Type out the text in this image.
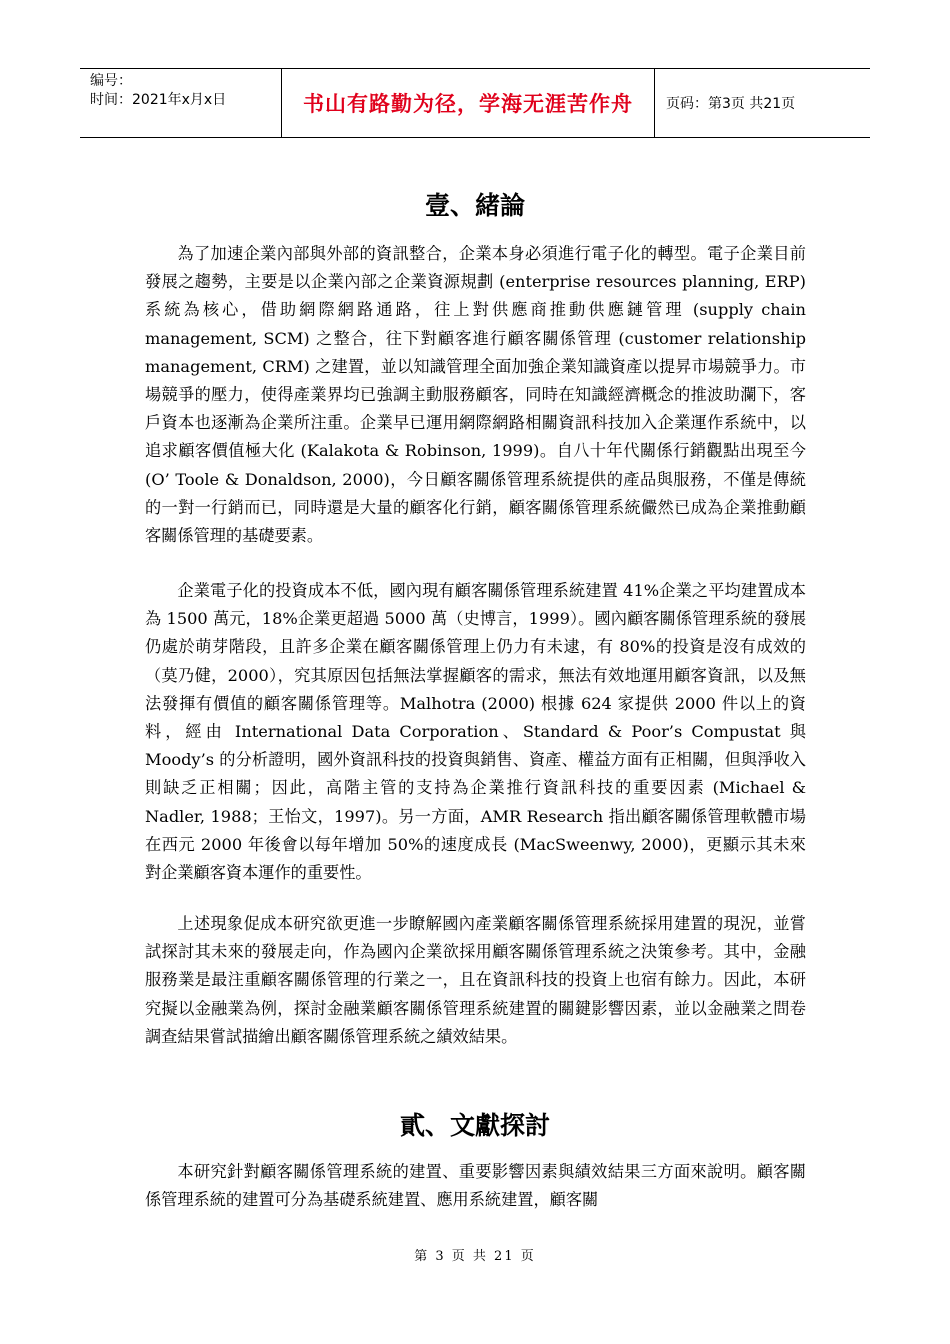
编号：
时间：2021年x月x日	书山有路勤为径，学海无涯苦作舟 页码：第3页 共21页
壹、緒論

為了加速企業內部與外部的資訊整合，企業本身必須進行電子化的轉型。電子企業目前發展之趨勢，主要是以企業內部之企業資源規劃 (enterprise resources planning, ERP) 系統為核心，借助網際網路通路，往上對供應商推動供應鏈管理 (supply chain management, SCM) 之整合，往下對顧客進行顧客關係管理 (customer relationship management, CRM) 之建置，並以知識管理全面加強企業知識資產以提昇市場競爭力。市場競爭的壓力，使得產業界均已強調主動服務顧客，同時在知識經濟概念的推波助瀾下，客戶資本也逐漸為企業所注重。企業早已運用網際網路相關資訊科技加入企業運作系統中，以追求顧客價值極大化 (Kalakota & Robinson, 1999)。自八十年代關係行銷觀點出現至今 (O’ Toole & Donaldson, 2000)，今日顧客關係管理系統提供的產品與服務，不僅是傳統的一對一行銷而已，同時還是大量的顧客化行銷，顧客關係管理系統儼然已成為企業推動顧客關係管理的基礎要素。

企業電子化的投資成本不低，國內現有顧客關係管理系統建置 41%企業之平均建置成本為 1500 萬元，18%企業更超過 5000 萬（史博言，1999）。國內顧客關係管理系統的發展仍處於萌芽階段，且許多企業在顧客關係管理上仍力有未逮，有 80%的投資是沒有成效的（莫乃健，2000），究其原因包括無法掌握顧客的需求，無法有效地運用顧客資訊，以及無法發揮有價值的顧客關係管理等。Malhotra (2000) 根據 624 家提供 2000 件以上的資料，經由 International Data Corporation、Standard & Poor’s Compustat 與 Moody’s 的分析證明，國外資訊科技的投資與銷售、資產、權益方面有正相關，但與淨收入則缺乏正相關；因此，高階主管的支持為企業推行資訊科技的重要因素 (Michael & Nadler, 1988；王怡文，1997)。另一方面，AMR Research 指出顧客關係管理軟體市場在西元 2000 年後會以每年增加 50%的速度成長 (MacSweenwy, 2000)，更顯示其未來對企業顧客資本運作的重要性。

上述現象促成本研究欲更進一步瞭解國內產業顧客關係管理系統採用建置的現況，並嘗試探討其未來的發展走向，作為國內企業欲採用顧客關係管理系統之決策參考。其中，金融服務業是最注重顧客關係管理的行業之一，且在資訊科技的投資上也宿有餘力。因此，本研究擬以金融業為例，探討金融業顧客關係管理系統建置的關鍵影響因素，並以金融業之問卷調查結果嘗試描繪出顧客關係管理系統之績效結果。

貳、文獻探討

本研究針對顧客關係管理系統的建置、重要影響因素與績效結果三方面來說明。顧客關係管理系統的建置可分為基礎系統建置、應用系統建置，顧客關

第 3 页 共 21 页
